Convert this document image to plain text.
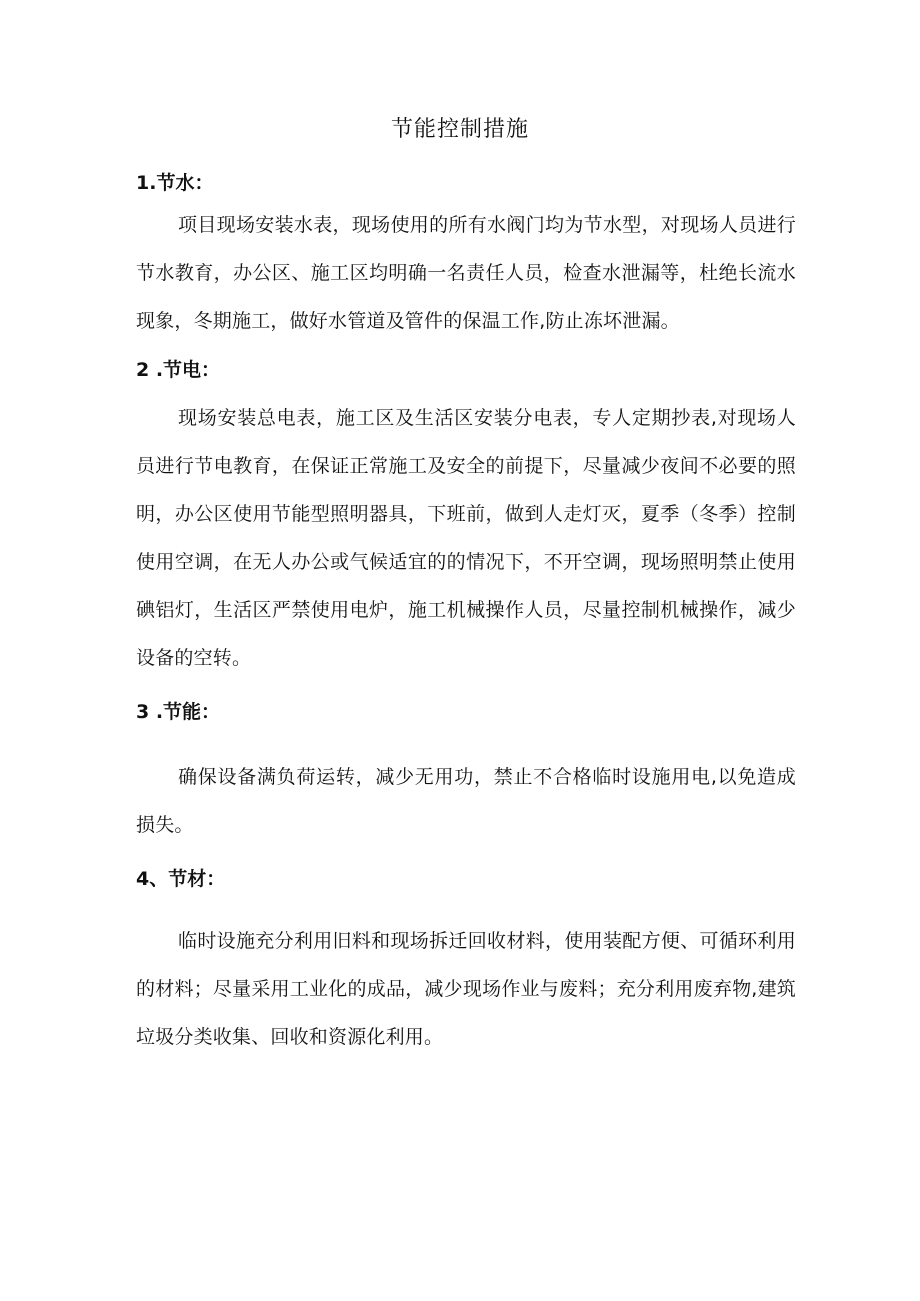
节能控制措施
1.节水：
项目现场安装水表，现场使用的所有水阀门均为节水型，对现场人员进行节水教育，办公区、施工区均明确一名责任人员，检查水泄漏等，杜绝长流水现象，冬期施工，做好水管道及管件的保温工作,防止冻坏泄漏。
2 .节电：
现场安装总电表，施工区及生活区安装分电表，专人定期抄表,对现场人员进行节电教育，在保证正常施工及安全的前提下，尽量减少夜间不必要的照明，办公区使用节能型照明器具，下班前，做到人走灯灭，夏季（冬季）控制使用空调，在无人办公或气候适宜的的情况下，不开空调，现场照明禁止使用碘铝灯，生活区严禁使用电炉，施工机械操作人员，尽量控制机械操作，减少设备的空转。
3 .节能：
确保设备满负荷运转，减少无用功，禁止不合格临时设施用电,以免造成损失。
4、节材：
临时设施充分利用旧料和现场拆迁回收材料，使用装配方便、可循环利用的材料；尽量采用工业化的成品，减少现场作业与废料；充分利用废弃物,建筑垃圾分类收集、回收和资源化利用。
